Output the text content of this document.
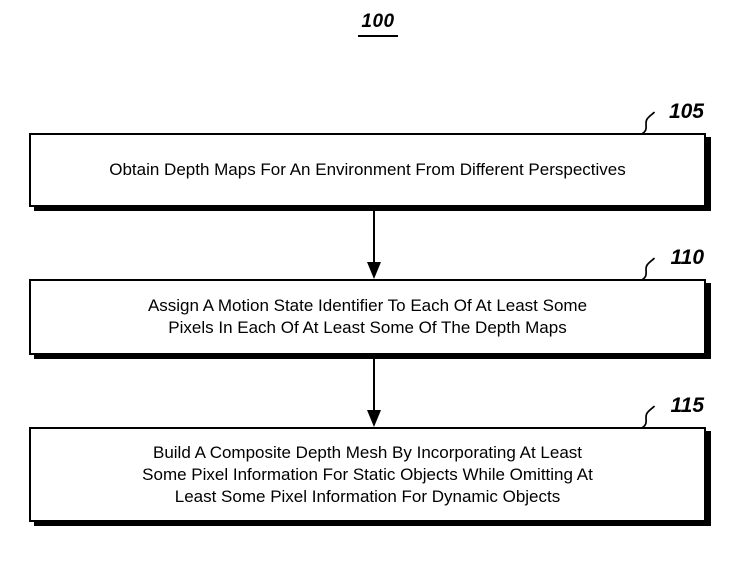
100
105
Obtain Depth Maps For An Environment From Different Perspectives
110
Assign A Motion State Identifier To Each Of At Least Some
Pixels In Each Of At Least Some Of The Depth Maps
115
Build A Composite Depth Mesh By Incorporating At Least
Some Pixel Information For Static Objects While Omitting At
Least Some Pixel Information For Dynamic Objects
